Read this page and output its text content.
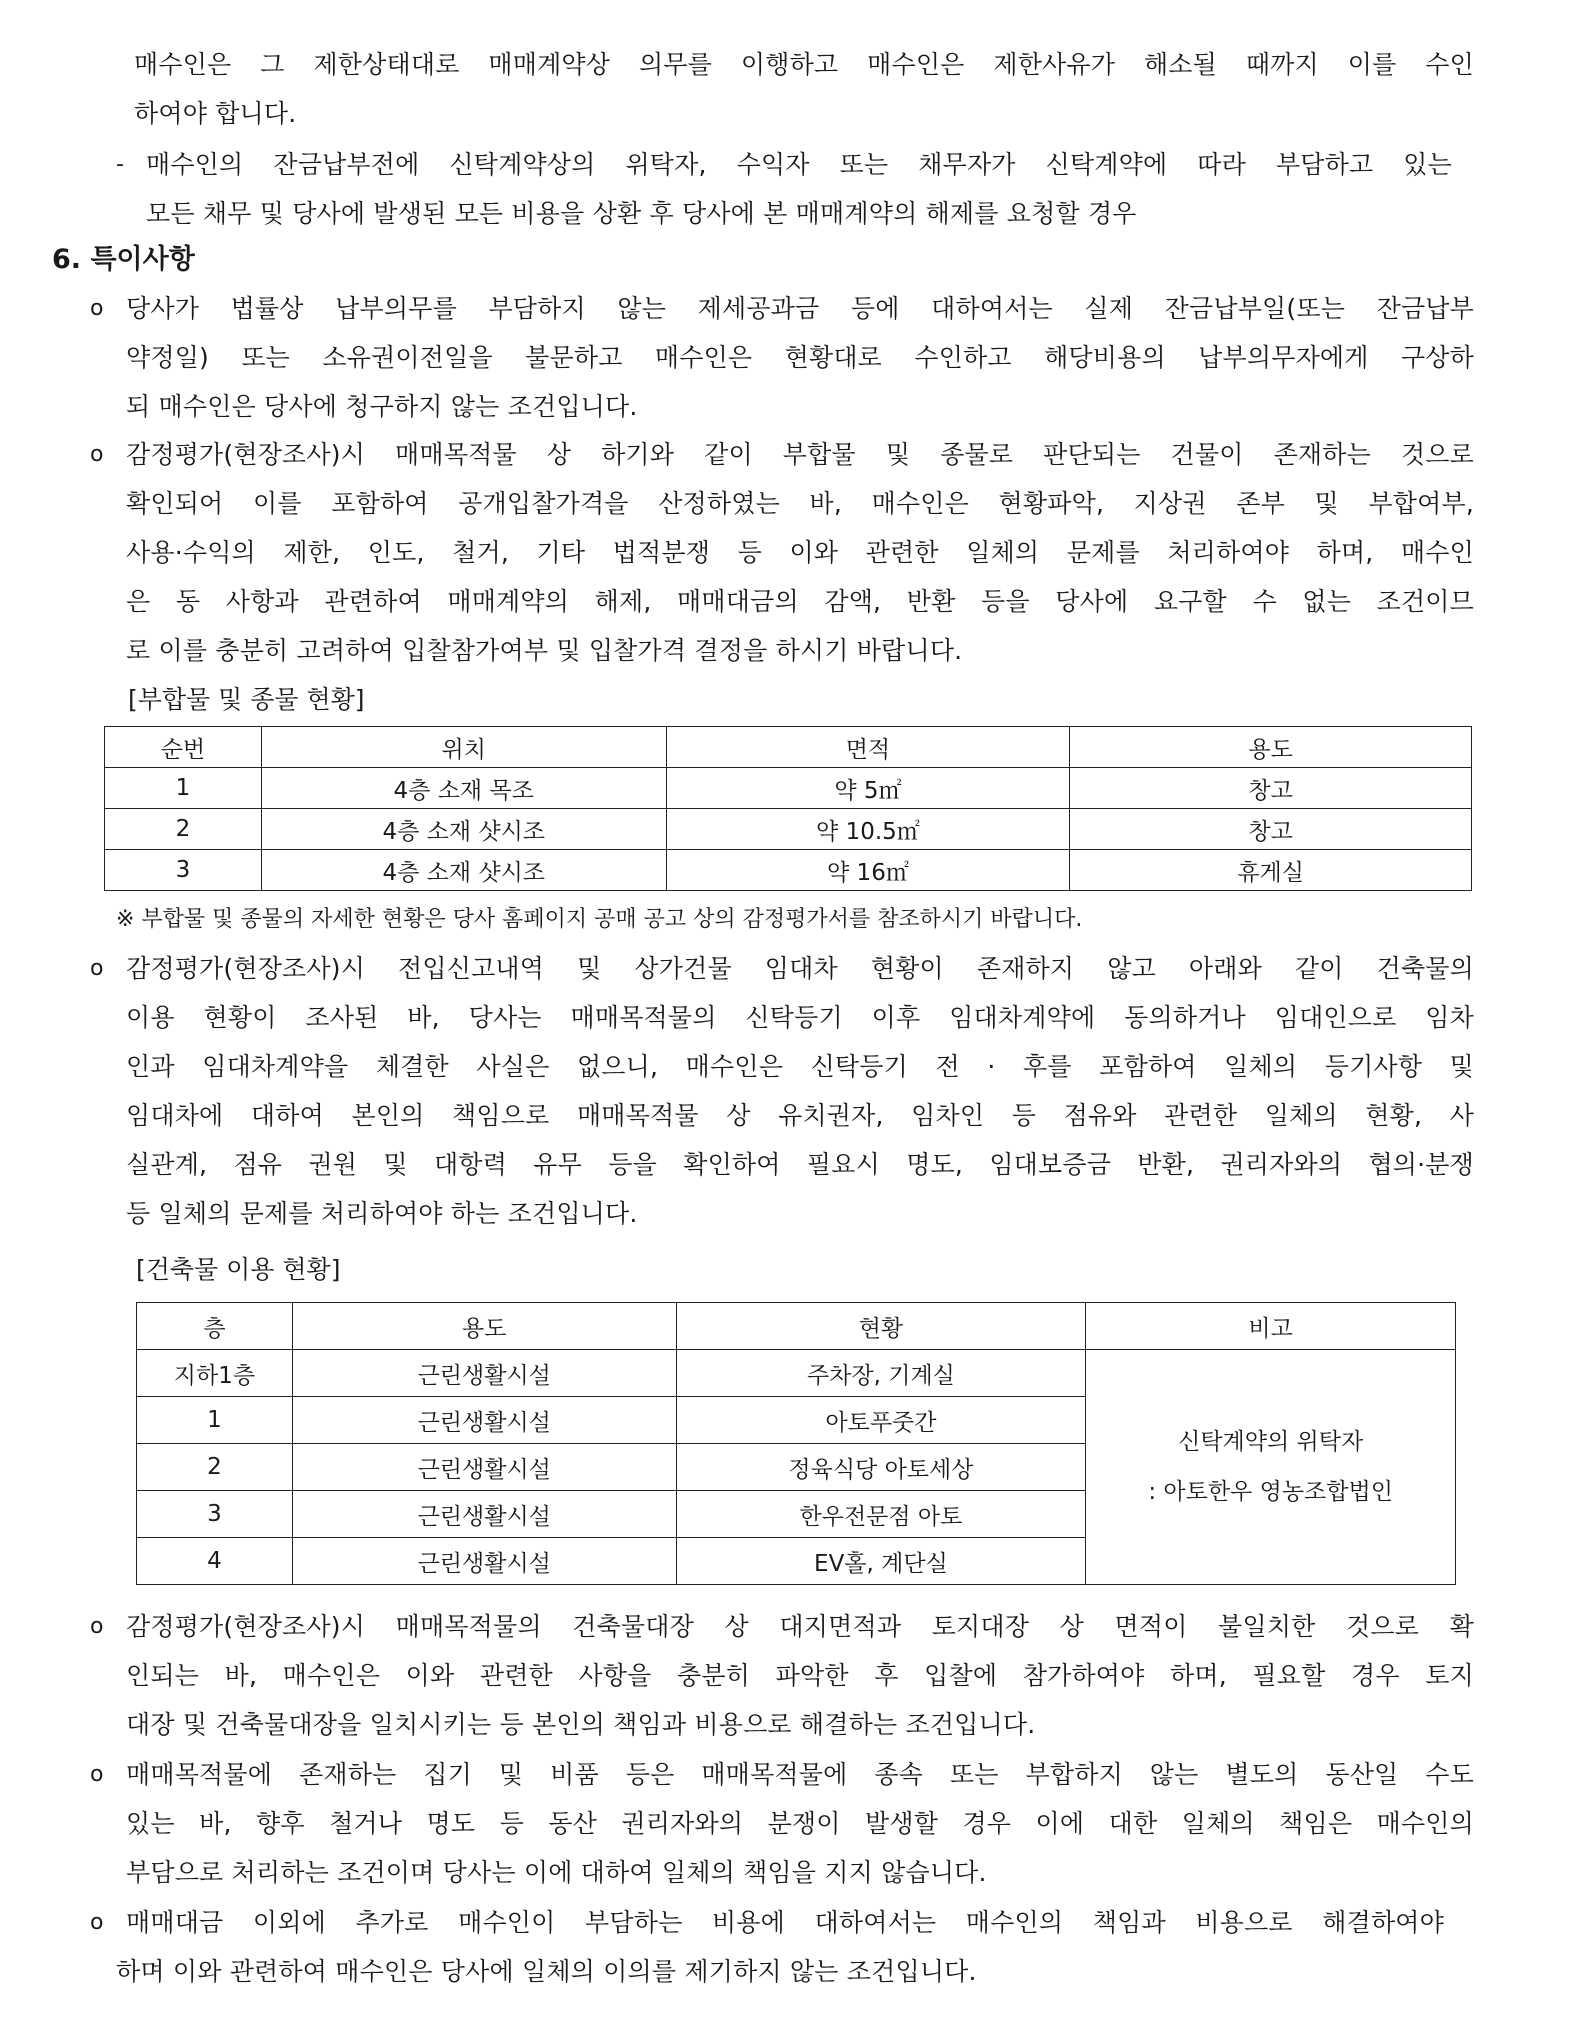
매수인은 그 제한상태대로 매매계약상 의무를 이행하고 매수인은 제한사유가 해소될 때까지 이를 수인
하여야 합니다.
- 매수인의 잔금납부전에 신탁계약상의 위탁자, 수익자 또는 채무자가 신탁계약에 따라 부담하고 있는
모든 채무 및 당사에 발생된 모든 비용을 상환 후 당사에 본 매매계약의 해제를 요청할 경우
6. 특이사항
o 당사가 법률상 납부의무를 부담하지 않는 제세공과금 등에 대하여서는 실제 잔금납부일(또는 잔금납부
약정일) 또는 소유권이전일을 불문하고 매수인은 현황대로 수인하고 해당비용의 납부의무자에게 구상하
되 매수인은 당사에 청구하지 않는 조건입니다.
o 감정평가(현장조사)시 매매목적물 상 하기와 같이 부합물 및 종물로 판단되는 건물이 존재하는 것으로
확인되어 이를 포함하여 공개입찰가격을 산정하였는 바, 매수인은 현황파악, 지상권 존부 및 부합여부,
사용·수익의 제한, 인도, 철거, 기타 법적분쟁 등 이와 관련한 일체의 문제를 처리하여야 하며, 매수인
은 동 사항과 관련하여 매매계약의 해제, 매매대금의 감액, 반환 등을 당사에 요구할 수 없는 조건이므
로 이를 충분히 고려하여 입찰참가여부 및 입찰가격 결정을 하시기 바랍니다.
[부합물 및 종물 현황]
순번	위치	면적	용도
1	4층 소재 목조	약 5㎡	창고
2	4층 소재 샷시조	약 10.5㎡	창고
3	4층 소재 샷시조	약 16㎡	휴게실
※ 부합물 및 종물의 자세한 현황은 당사 홈페이지 공매 공고 상의 감정평가서를 참조하시기 바랍니다.
o 감정평가(현장조사)시 전입신고내역 및 상가건물 임대차 현황이 존재하지 않고 아래와 같이 건축물의
이용 현황이 조사된 바, 당사는 매매목적물의 신탁등기 이후 임대차계약에 동의하거나 임대인으로 임차
인과 임대차계약을 체결한 사실은 없으니, 매수인은 신탁등기 전 · 후를 포함하여 일체의 등기사항 및
임대차에 대하여 본인의 책임으로 매매목적물 상 유치권자, 임차인 등 점유와 관련한 일체의 현황, 사
실관계, 점유 권원 및 대항력 유무 등을 확인하여 필요시 명도, 임대보증금 반환, 권리자와의 협의·분쟁
등 일체의 문제를 처리하여야 하는 조건입니다.
[건축물 이용 현황]
층	용도	현황	비고
지하1층	근린생활시설	주차장, 기계실	신탁계약의 위탁자
: 아토한우 영농조합법인

1	근린생활시설	아토푸줏간	
2	근린생활시설	정육식당 아토세상	
3	근린생활시설	한우전문점 아토	
4	근린생활시설	EV홀, 계단실	
o 감정평가(현장조사)시 매매목적물의 건축물대장 상 대지면적과 토지대장 상 면적이 불일치한 것으로 확
인되는 바, 매수인은 이와 관련한 사항을 충분히 파악한 후 입찰에 참가하여야 하며, 필요할 경우 토지
대장 및 건축물대장을 일치시키는 등 본인의 책임과 비용으로 해결하는 조건입니다.
o 매매목적물에 존재하는 집기 및 비품 등은 매매목적물에 종속 또는 부합하지 않는 별도의 동산일 수도
있는 바, 향후 철거나 명도 등 동산 권리자와의 분쟁이 발생할 경우 이에 대한 일체의 책임은 매수인의
부담으로 처리하는 조건이며 당사는 이에 대하여 일체의 책임을 지지 않습니다.
o 매매대금 이외에 추가로 매수인이 부담하는 비용에 대하여서는 매수인의 책임과 비용으로 해결하여야
하며 이와 관련하여 매수인은 당사에 일체의 이의를 제기하지 않는 조건입니다.
